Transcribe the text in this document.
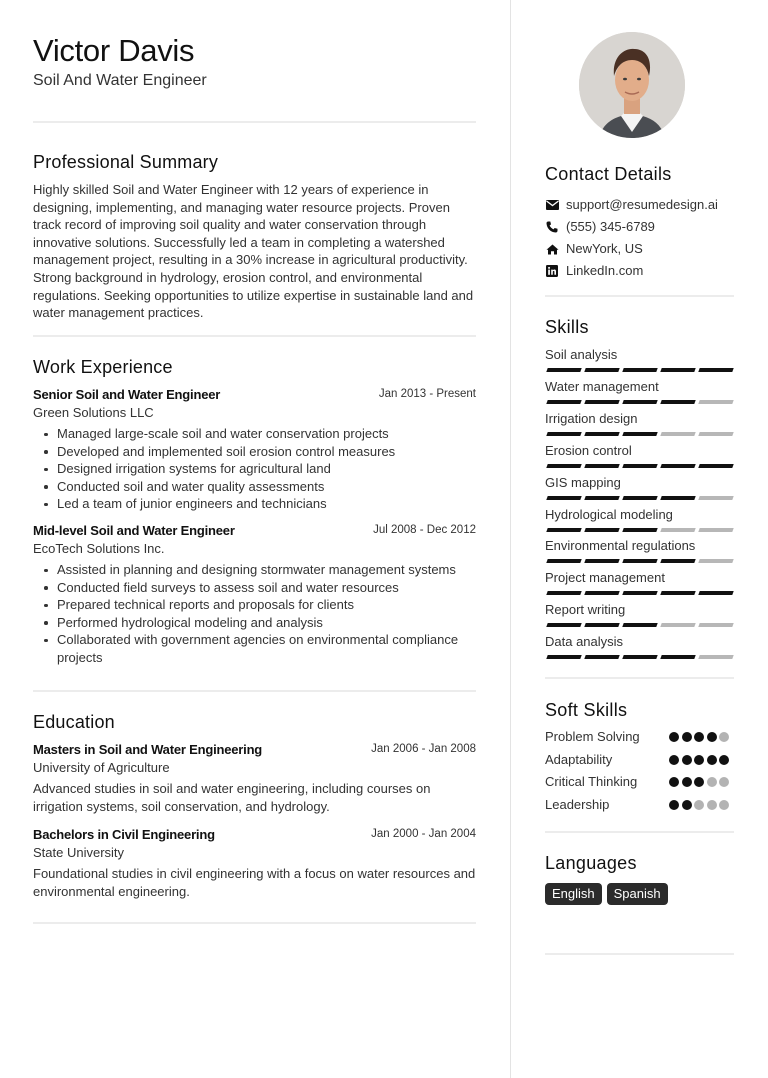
Victor Davis
Soil And Water Engineer
Professional Summary
Highly skilled Soil and Water Engineer with 12 years of experience in designing, implementing, and managing water resource projects. Proven track record of improving soil quality and water conservation through innovative solutions. Successfully led a team in completing a watershed management project, resulting in a 30% increase in agricultural productivity. Strong background in hydrology, erosion control, and environmental regulations. Seeking opportunities to utilize expertise in sustainable land and water management practices.
Work Experience
Senior Soil and Water Engineer	Jan 2013 - Present
Green Solutions LLC
Managed large-scale soil and water conservation projects
Developed and implemented soil erosion control measures
Designed irrigation systems for agricultural land
Conducted soil and water quality assessments
Led a team of junior engineers and technicians
Mid-level Soil and Water Engineer	Jul 2008 - Dec 2012
EcoTech Solutions Inc.
Assisted in planning and designing stormwater management systems
Conducted field surveys to assess soil and water resources
Prepared technical reports and proposals for clients
Performed hydrological modeling and analysis
Collaborated with government agencies on environmental compliance projects
Education
Masters in Soil and Water Engineering	Jan 2006 - Jan 2008
University of Agriculture
Advanced studies in soil and water engineering, including courses on irrigation systems, soil conservation, and hydrology.
Bachelors in Civil Engineering	Jan 2000 - Jan 2004
State University
Foundational studies in civil engineering with a focus on water resources and environmental engineering.
Contact Details
support@resumedesign.ai
(555) 345-6789
NewYork, US
LinkedIn.com
Skills
Soil analysis
Water management
Irrigation design
Erosion control
GIS mapping
Hydrological modeling
Environmental regulations
Project management
Report writing
Data analysis
Soft Skills
Problem Solving
Adaptability
Critical Thinking
Leadership
Languages
English	Spanish
